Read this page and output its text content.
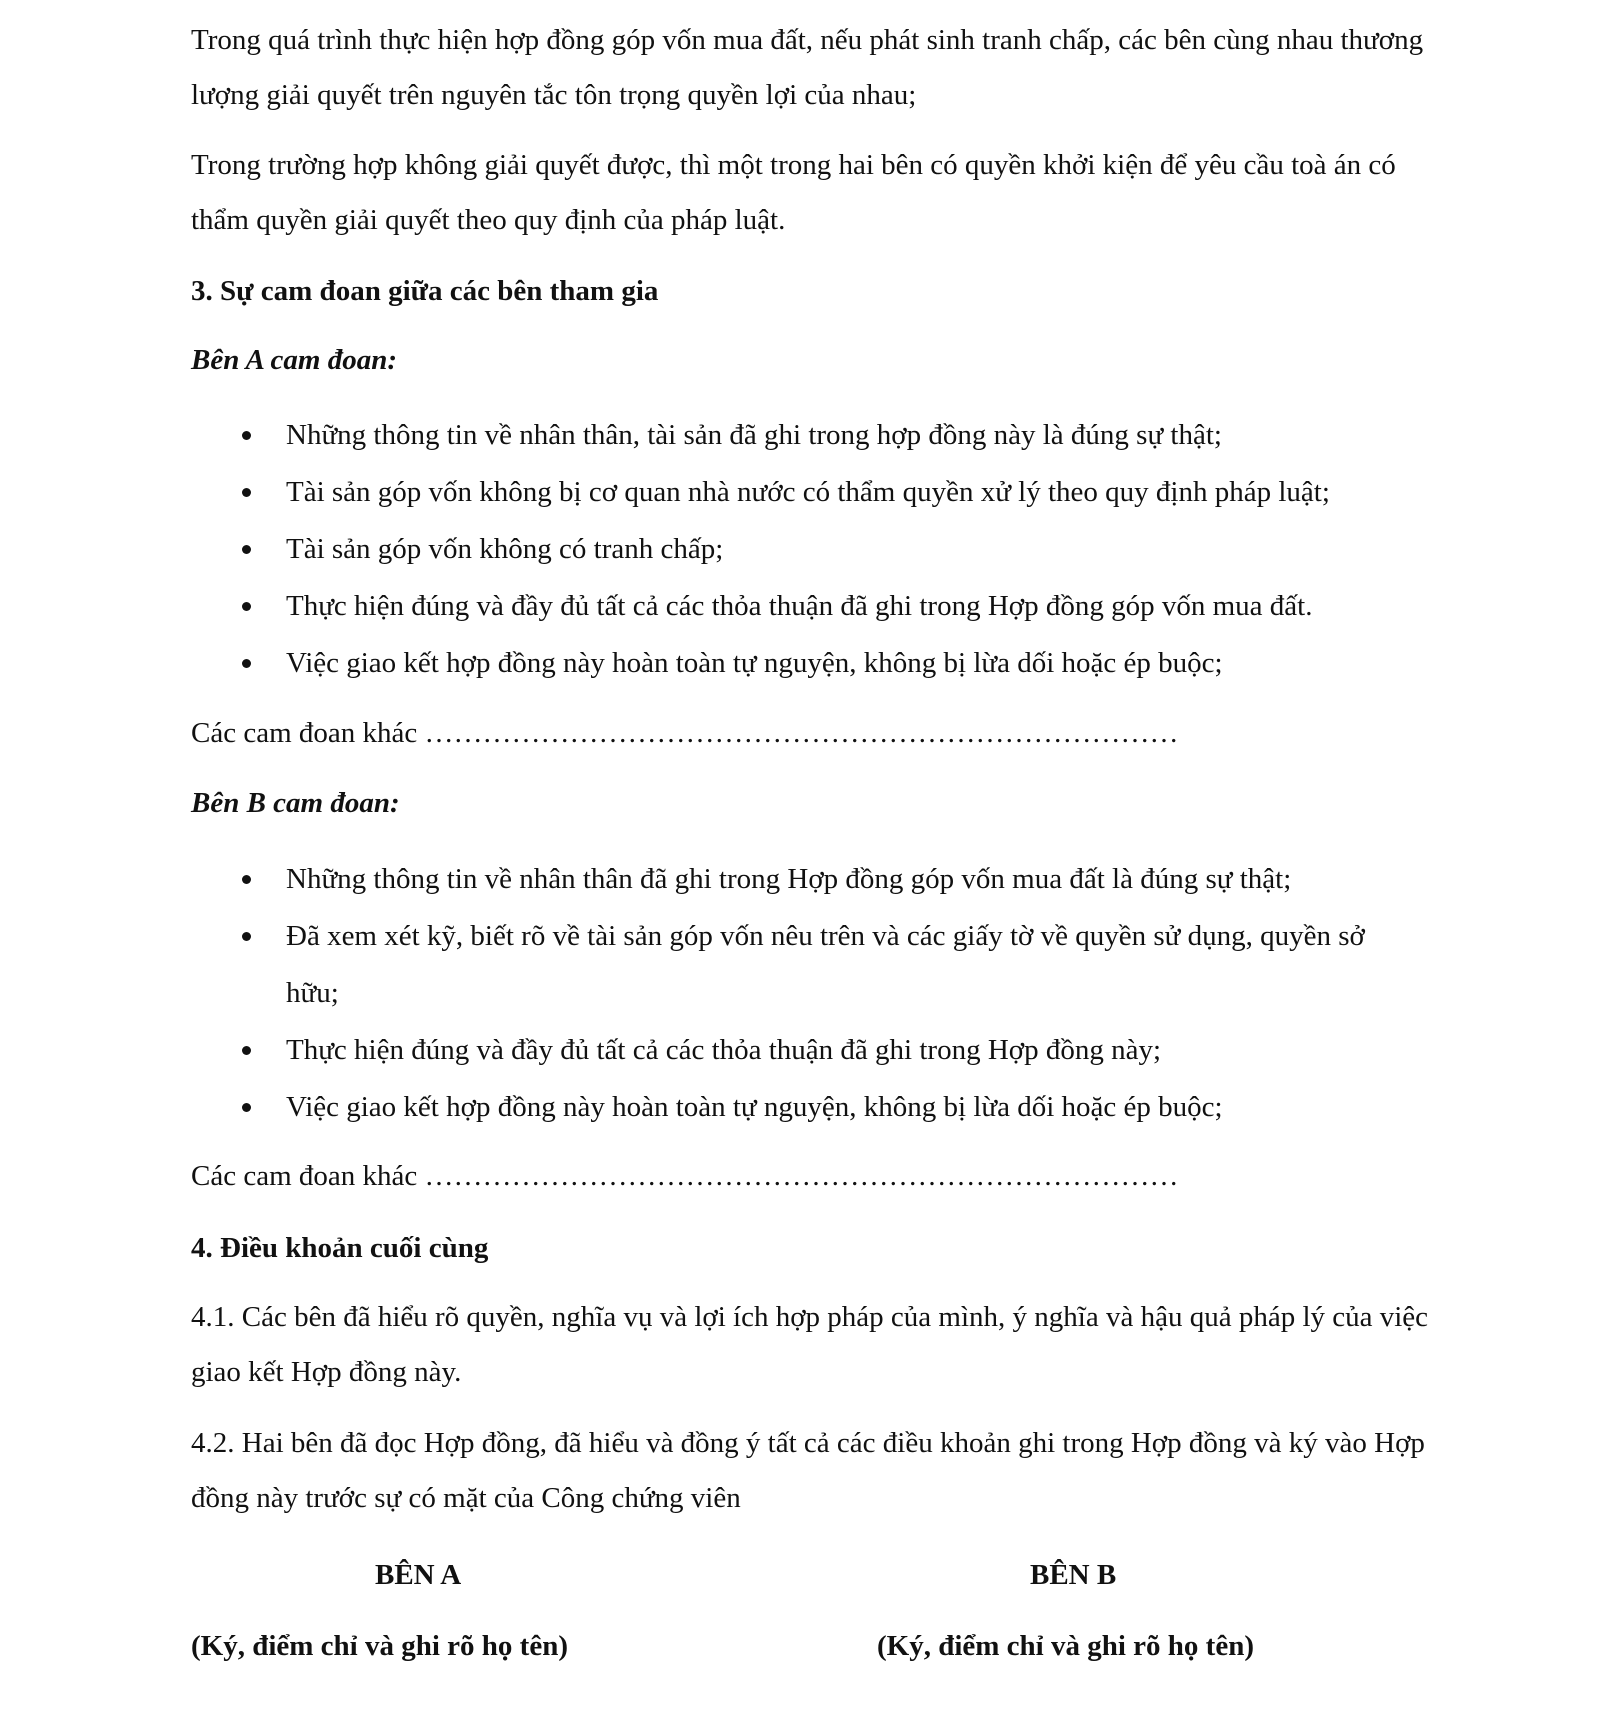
Trong quá trình thực hiện hợp đồng góp vốn mua đất, nếu phát sinh tranh chấp, các bên cùng nhau thương lượng giải quyết trên nguyên tắc tôn trọng quyền lợi của nhau;

Trong trường hợp không giải quyết được, thì một trong hai bên có quyền khởi kiện để yêu cầu toà án có thẩm quyền giải quyết theo quy định của pháp luật.

3. Sự cam đoan giữa các bên tham gia

Bên A cam đoan:

Những thông tin về nhân thân, tài sản đã ghi trong hợp đồng này là đúng sự thật;
Tài sản góp vốn không bị cơ quan nhà nước có thẩm quyền xử lý theo quy định pháp luật;
Tài sản góp vốn không có tranh chấp;
Thực hiện đúng và đầy đủ tất cả các thỏa thuận đã ghi trong Hợp đồng góp vốn mua đất.
Việc giao kết hợp đồng này hoàn toàn tự nguyện, không bị lừa dối hoặc ép buộc;

Các cam đoan khác ……………………………………………………………………

Bên B cam đoan:

Những thông tin về nhân thân đã ghi trong Hợp đồng góp vốn mua đất là đúng sự thật;
Đã xem xét kỹ, biết rõ về tài sản góp vốn nêu trên và các giấy tờ về quyền sử dụng, quyền sở hữu;
Thực hiện đúng và đầy đủ tất cả các thỏa thuận đã ghi trong Hợp đồng này;
Việc giao kết hợp đồng này hoàn toàn tự nguyện, không bị lừa dối hoặc ép buộc;

Các cam đoan khác ……………………………………………………………………

4. Điều khoản cuối cùng

4.1. Các bên đã hiểu rõ quyền, nghĩa vụ và lợi ích hợp pháp của mình, ý nghĩa và hậu quả pháp lý của việc giao kết Hợp đồng này.

4.2. Hai bên đã đọc Hợp đồng, đã hiểu và đồng ý tất cả các điều khoản ghi trong Hợp đồng và ký vào Hợp đồng này trước sự có mặt của Công chứng viên

BÊN A	BÊN B

(Ký, điểm chỉ và ghi rõ họ tên)	(Ký, điểm chỉ và ghi rõ họ tên)
